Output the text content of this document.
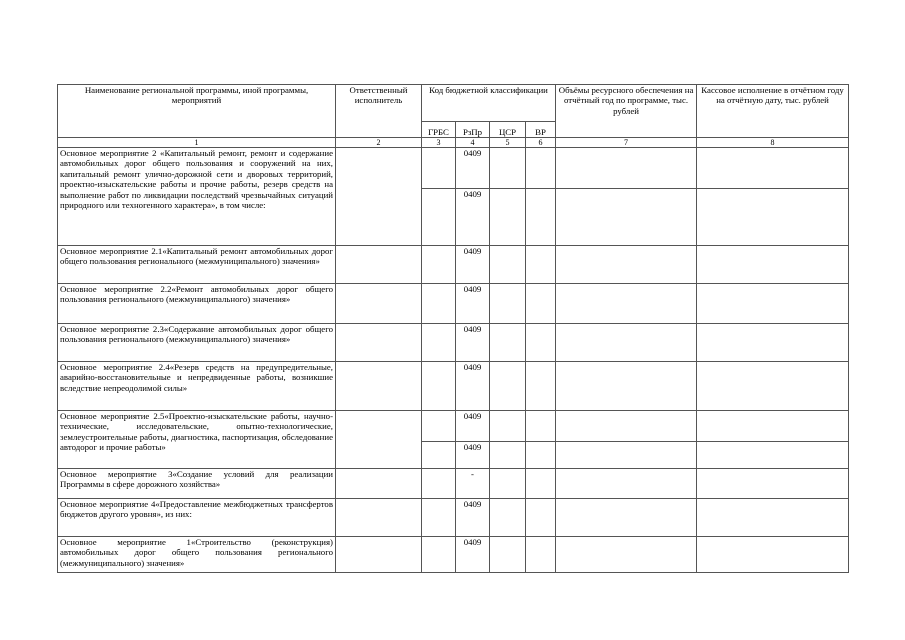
Наименование региональной программы, иной программы, мероприятий	Ответственный исполнитель	Код бюджетной классификации				Объёмы ресурсного обеспечения на отчётный год по программе, тыс. рублей	Кассовое исполнение в отчётном году на отчётную дату, тыс. рублей
		ГРБС	РзПр	ЦСР	ВР		
1	2	3	4	5	6	7	8
Основное мероприятие 2 «Капитальный ремонт, ремонт и содержание автомобильных дорог общего пользования и сооружений на них, капитальный ремонт улично-дорожной сети и дворовых территорий, проектно-изыскательские работы и прочие работы, резерв средств на выполнение работ по ликвидации последствий чрезвычайных ситуаций природного или техногенного характера», в том числе:			0409				
			0409				
Основное мероприятие 2.1«Капитальный ремонт автомобильных дорог общего пользования регионального (межмуниципального) значения»			0409				
Основное мероприятие 2.2«Ремонт автомобильных дорог общего пользования регионального (межмуниципального) значения»			0409				
Основное мероприятие 2.3«Содержание автомобильных дорог общего пользования регионального (межмуниципального) значения»			0409				
Основное мероприятие 2.4«Резерв средств на предупредительные, аварийно-восстановительные и непредвиденные работы, возникшие вследствие непреодолимой силы»			0409				
Основное мероприятие 2.5«Проектно-изыскательские работы, научно-технические, исследовательские, опытно-технологические, землеустроительные работы, диагностика, паспортизация, обследование автодорог и прочие работы»			0409				
			0409				
Основное мероприятие 3«Создание условий для реализации Программы в сфере дорожного хозяйства»			-				
Основное мероприятие 4«Предоставление межбюджетных трансфертов бюджетов другого уровня», из них:			0409				
Основное мероприятие 1«Строительство (реконструкция) автомобильных дорог общего пользования регионального (межмуниципального) значения»			0409				
